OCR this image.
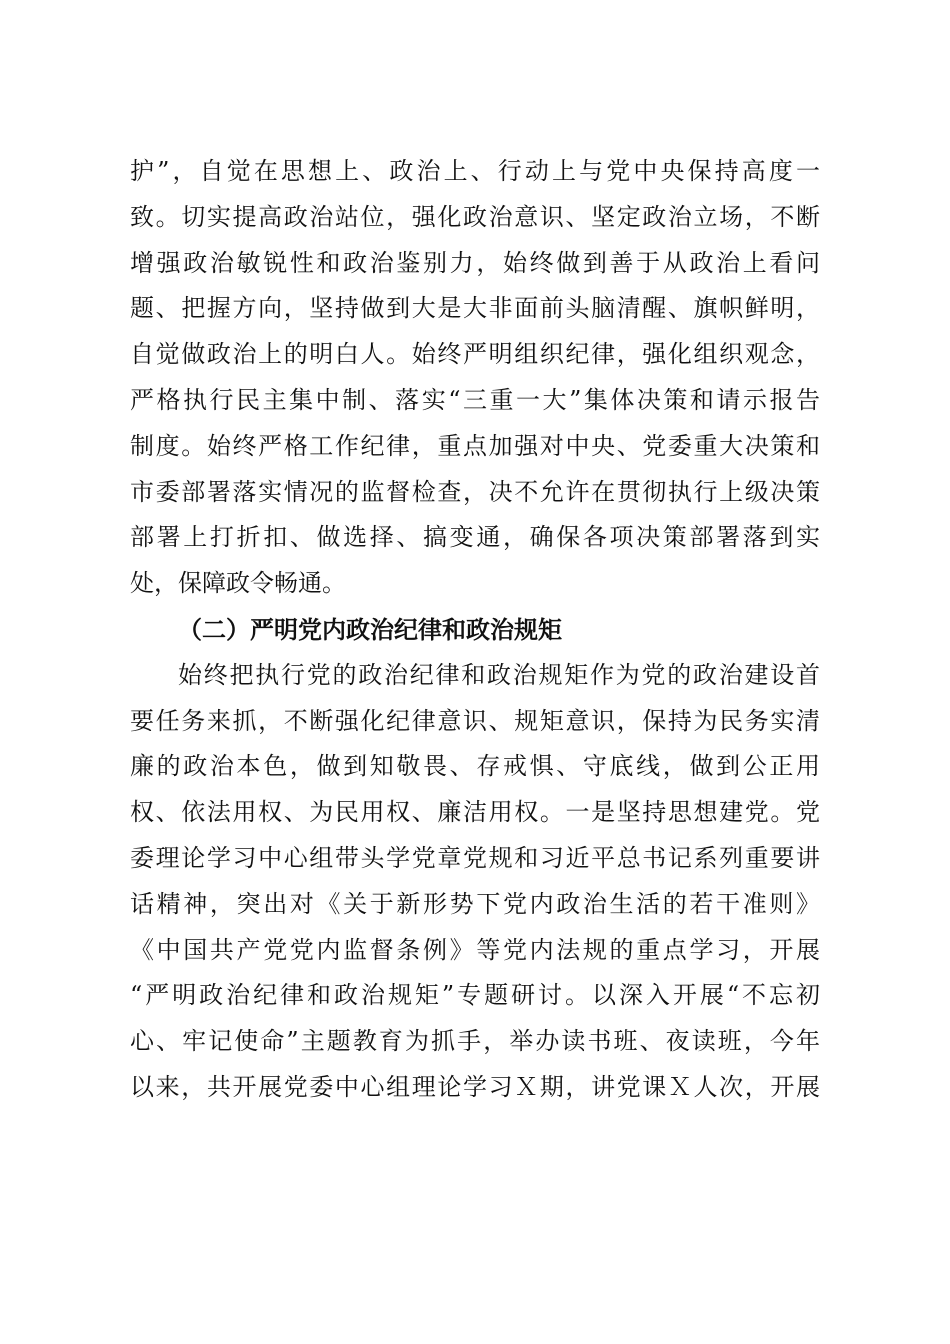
护”，自觉在思想上、政治上、行动上与党中央保持高度一
致。切实提高政治站位，强化政治意识、坚定政治立场，不断
增强政治敏锐性和政治鉴别力，始终做到善于从政治上看问
题、把握方向，坚持做到大是大非面前头脑清醒、旗帜鲜明，
自觉做政治上的明白人。始终严明组织纪律，强化组织观念，
严格执行民主集中制、落实“三重一大”集体决策和请示报告
制度。始终严格工作纪律，重点加强对中央、党委重大决策和
市委部署落实情况的监督检查，决不允许在贯彻执行上级决策
部署上打折扣、做选择、搞变通，确保各项决策部署落到实
处，保障政令畅通。
（二）严明党内政治纪律和政治规矩
始终把执行党的政治纪律和政治规矩作为党的政治建设首
要任务来抓，不断强化纪律意识、规矩意识，保持为民务实清
廉的政治本色，做到知敬畏、存戒惧、守底线，做到公正用
权、依法用权、为民用权、廉洁用权。一是坚持思想建党。党
委理论学习中心组带头学党章党规和习近平总书记系列重要讲
话精神，突出对《关于新形势下党内政治生活的若干准则》
《中国共产党党内监督条例》等党内法规的重点学习，开展
“严明政治纪律和政治规矩”专题研讨。以深入开展“不忘初
心、牢记使命”主题教育为抓手，举办读书班、夜读班，今年
以来，共开展党委中心组理论学习Ｘ期，讲党课Ｘ人次，开展
